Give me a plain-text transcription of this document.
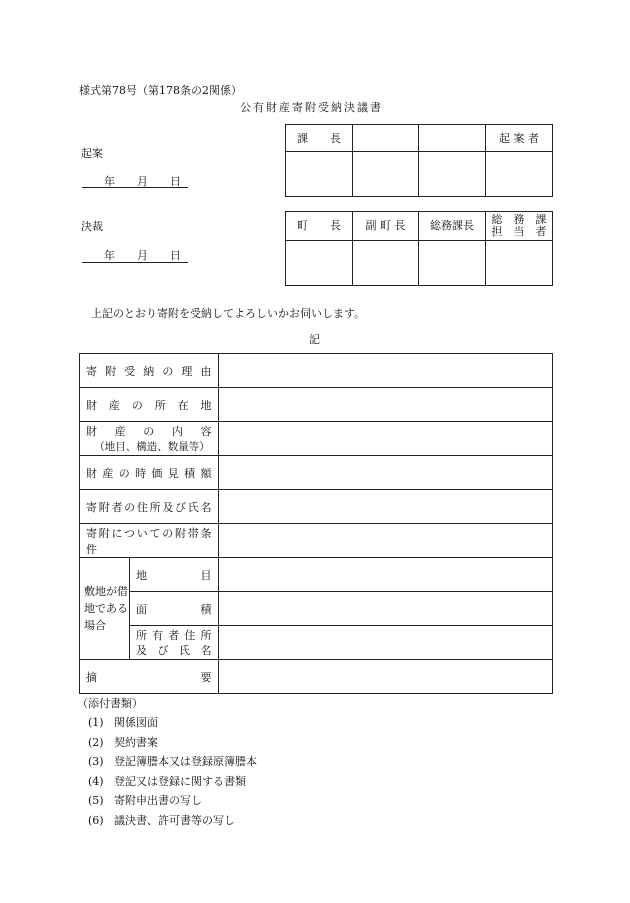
様式第78号（第178条の2関係）
公有財産寄附受納決議書
起案
年　　月　　日
課　　長			起 案 者

決裁
年　　月　　日
町　　長	副 町 長	総務課長	総　務　課
担　当　者

上記のとおり寄附を受納してよろしいかお伺いします。
記
寄附受納の理由		

財産の所在地		

財産の内容
（地目、構造、数量等）		

財産の時価見積額		

寄附者の住所及び氏名		

寄附についての附帯条件		

敷地が借地である場合	地　目	

	面　積	

	所有者住所
及び氏名	

摘　要		

（添付書類）
(1) 関係図面
(2) 契約書案
(3) 登記簿謄本又は登録原簿謄本
(4) 登記又は登録に関する書類
(5) 寄附申出書の写し
(6) 議決書、許可書等の写し
